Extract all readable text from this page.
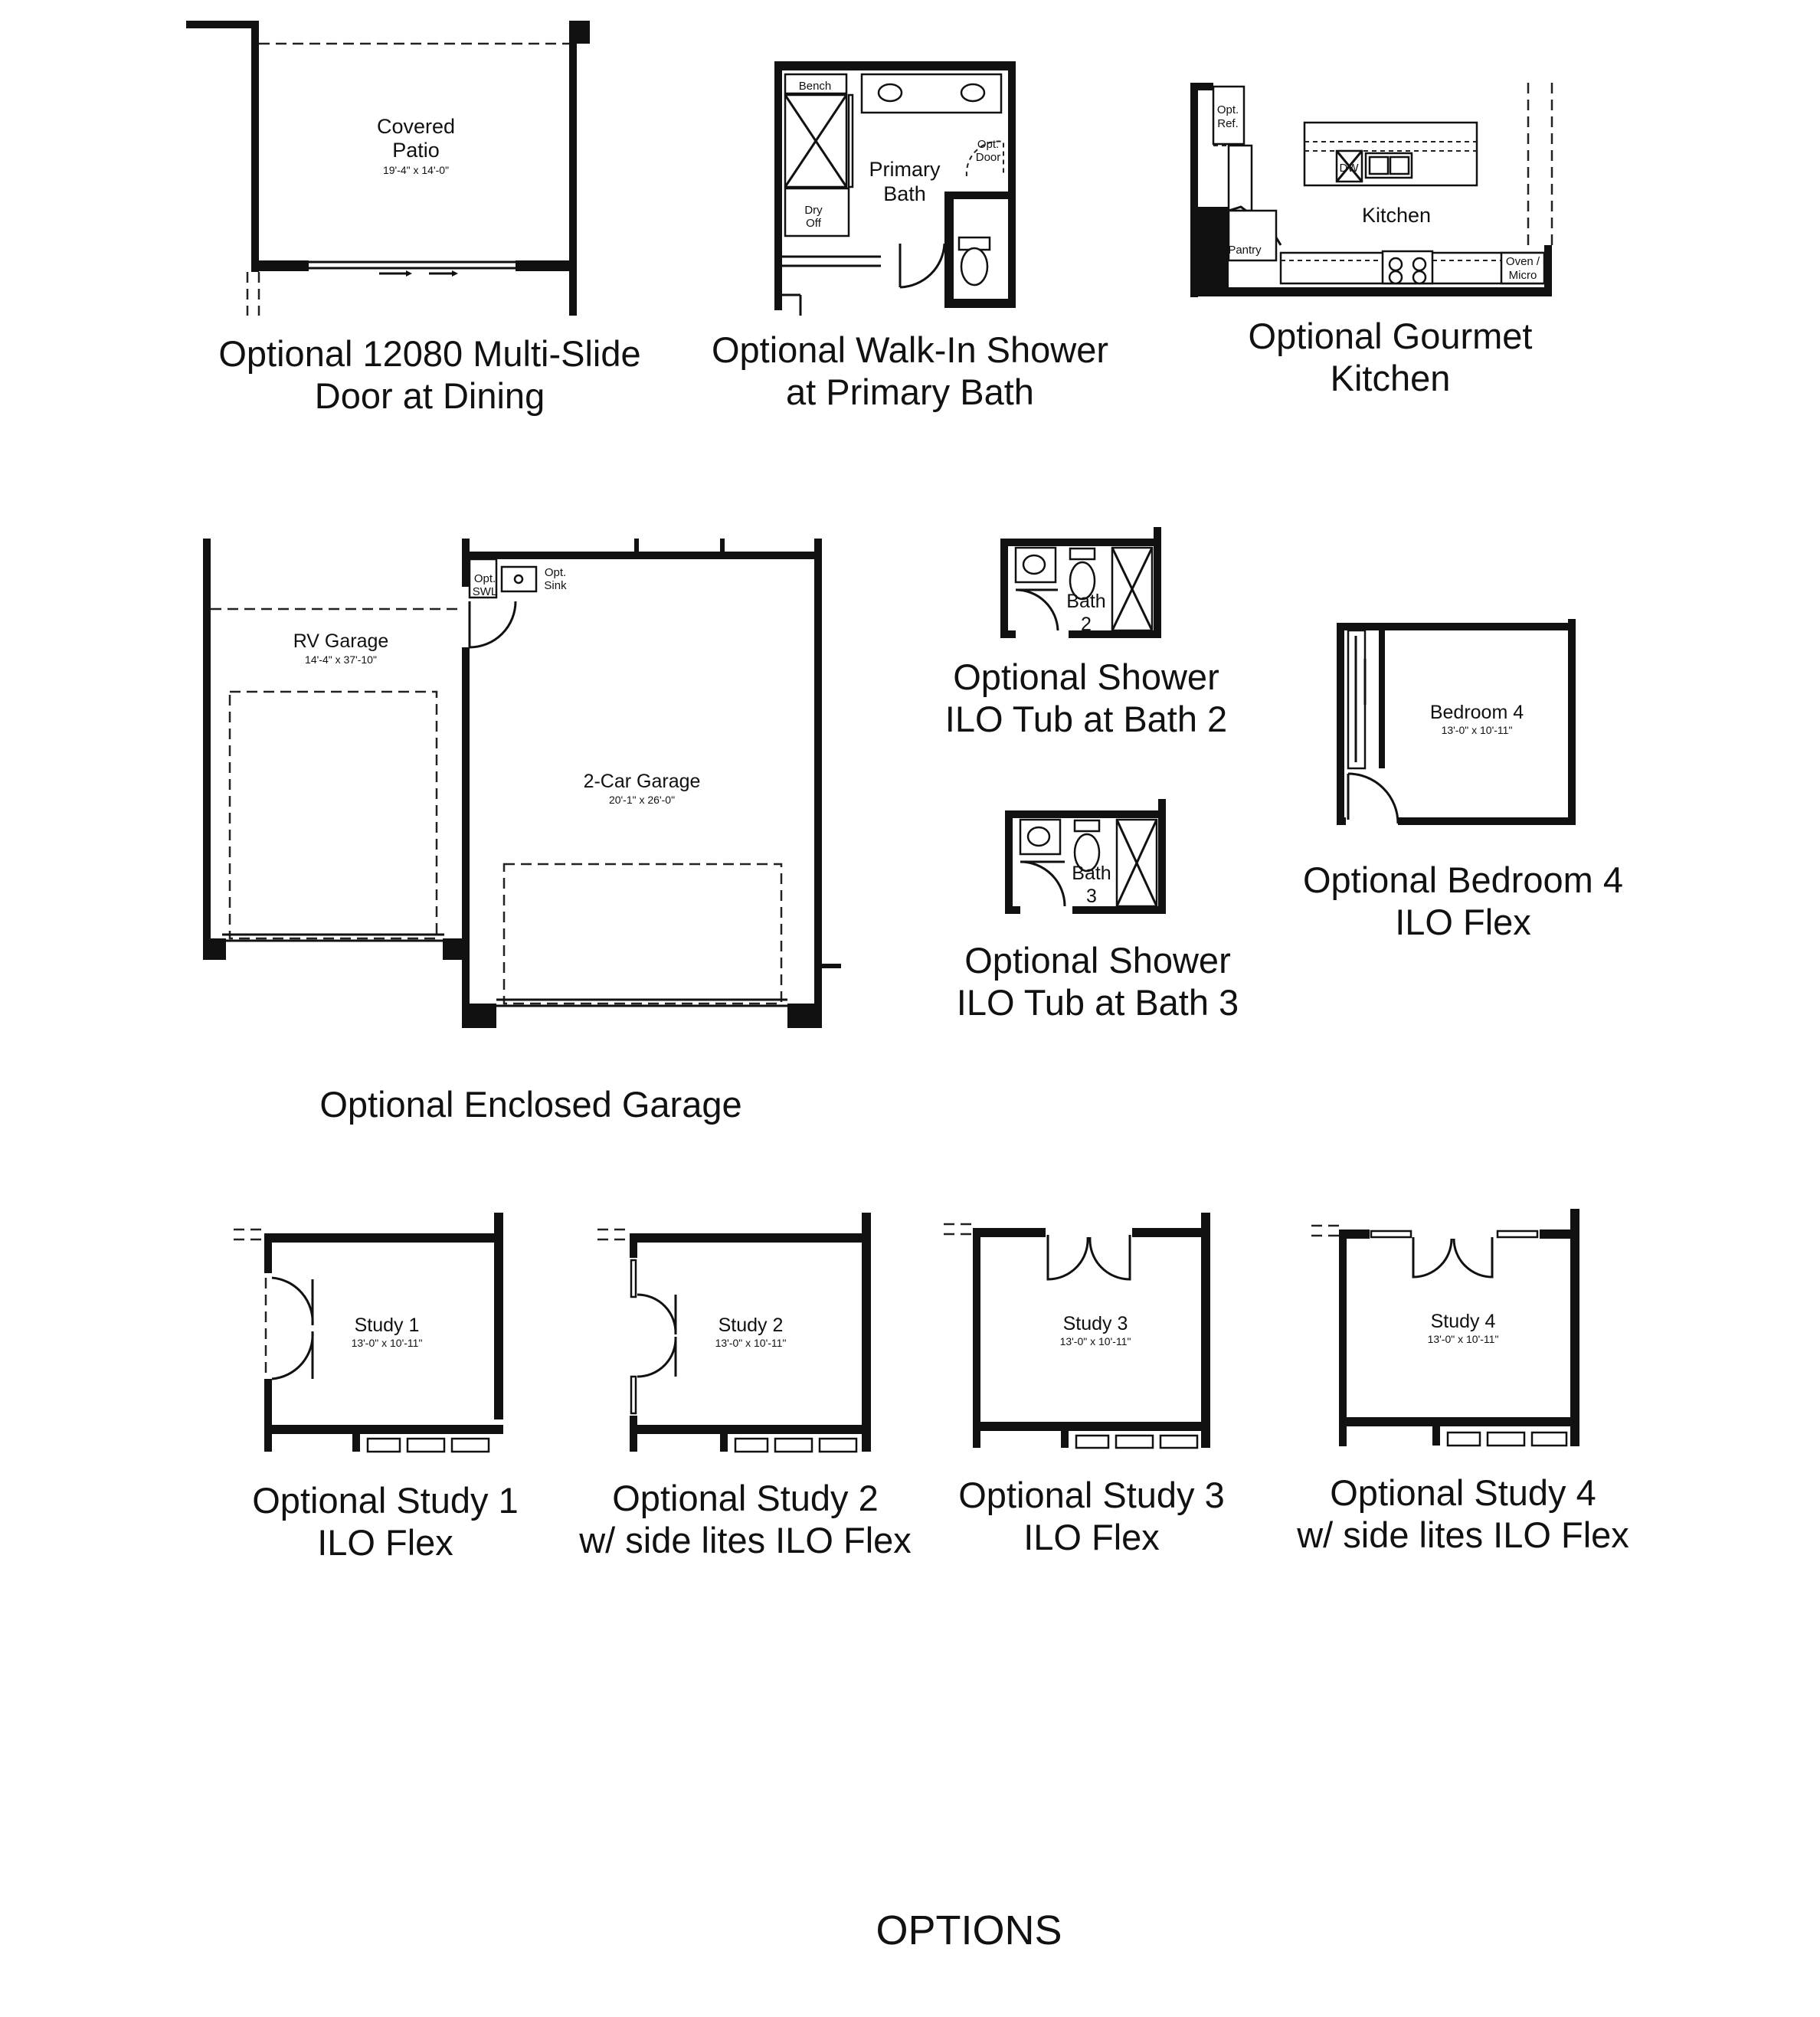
Covered
Patio
19'-4" x 14'-0"
Optional 12080 Multi-Slide
Door at Dining
Bench
Dry
Off
Opt.
Door
Primary
Bath
Optional Walk-In Shower
at Primary Bath
Opt.
Ref.
DW
Pantry
Oven /
Micro
Kitchen
Optional Gourmet
Kitchen
Opt.
SWL
Opt.
Sink
RV Garage
14'-4" x 37'-10"
2-Car Garage
20'-1" x 26'-0"
Optional Enclosed Garage
Bath
2
Optional Shower
ILO Tub at Bath 2
Bath
3
Optional Shower
ILO Tub at Bath 3
Bedroom 4
13'-0" x 10'-11"
Optional Bedroom 4
ILO Flex
Study 1
13'-0" x 10'-11"
Optional Study 1
ILO Flex
Study 2
13'-0" x 10'-11"
Optional Study 2
w/ side lites ILO Flex
Study 3
13'-0" x 10'-11"
Optional Study 3
ILO Flex
Study 4
13'-0" x 10'-11"
Optional Study 4
w/ side lites ILO Flex
OPTIONS
